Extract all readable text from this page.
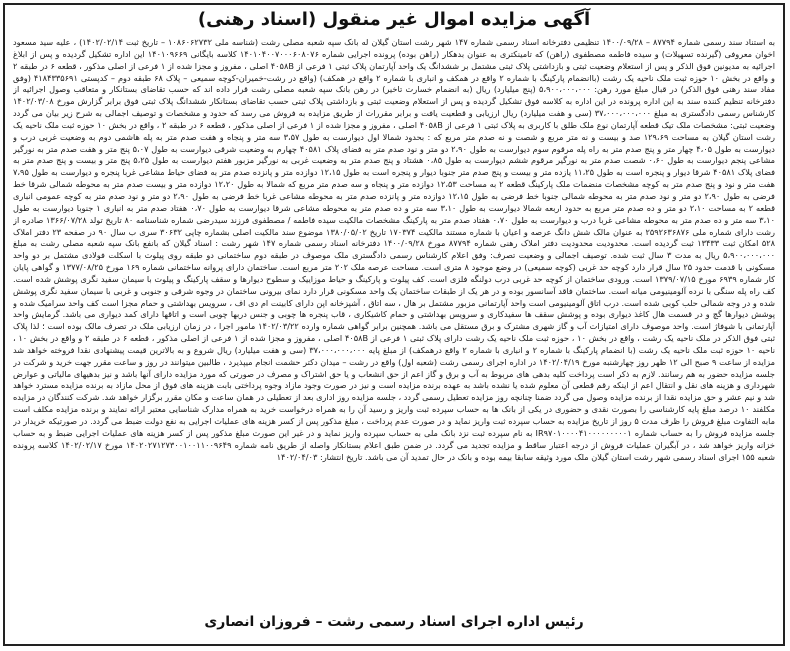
آگهی مزایده اموال غیر منقول (اسناد رهنی)

به استناد سند رسمی شماره ۸۷۷۹۴ – ۱۴۰۰/۰۹/۲۸ تنظیمی دفترخانه اسناد رسمی شماره ۱۴۷ شهر رشت استان گیلان له بانک سپه شعبه مصلی رشت (شناسه ملی ۱۰۸۶۰۶۲۷۳۲ – تاریخ ثبت ۱۴۰۲/۰۲/۱۴) ، علیه سید مسعود اخوان معروفی (گیرنده تسهیلات) و سیده فاطمه مصطفوی (راهن) که تامینکتری به عنوان بدهکار (راهن بوده) پرونده اجرایی شماره ۱۴۰۱۰۴۰۰۷۰۰۰۶۰۸۰۷۶ کلاسه بایگانی ۱۴۰۱۰۹۶۶۹ این اداره تشکیل گردیده و پس از ابلاغ اجرائیه به مدیونین فوق الذکر و پس از استعلام وضعیت ثبتی و بازداشتی پلاک ثبتی مشتمل بر ششدانگ یک واحد آپارتمان پلاک ثبتی ۱ فرعی از ۴۰۵۸B اصلی ، مفروز و مجزا شده از ۱ فرعی از اصلی مذکور ، قطعه ۶ در طبقه ۲ و واقع در بخش ۱۰ حوزه ثبت ملک ناحیه یک رشت (باانضمام پارکینگ با شماره ۲ واقع در همکف و انباری با شماره ۲ واقع در همکف) (واقع در رشت-خمیران-کوچه سمیعی – پلاک ۶۸ طبقه دوم – کدپستی ۴۱۸۴۳۳۵۶۹۱ (وفق مفاد سند رهنی فوق الذکر) در قبال مبلغ مورد رهن: ۵،۹۰۰،۰۰۰،۰۰۰ (پنج میلیارد) ریال (به انضمام خسارت تاخیر) در رهن بانک سپه شعبه مصلی رشت قرار داده اند که حسب تقاضای بستانکار و متعاقب وصول اجرائیه از دفترخانه تنظیم کننده سند به این اداره پرونده در این اداره به کلاسه فوق تشکیل گردیده و پس از استعلام وضعیت ثبتی و بازداشتی پلاک ثبتی حسب تقاضای بستانکار ششدانگ پلاک ثبتی فوق برابر گزارش مورخ ۱۴۰۲/۰۳/۰۸ کارشناس رسمی دادگستری به مبلغ ۳۷،۰۰۰،۰۰۰،۰۰۰ (سی و هفت میلیارد) ریال ارزیابی و قطعیت یافت و برابر مقررات از طریق مزایده به فروش می رسد که حدود و مشخصات و توصیف اجمالی به شرح زیر بیان می گردد وضعیت ثبتی: مشخصات ملک تیک قطعه آپارتمان نوع ملک طلق با کاربری به پلاک ثبتی ۱ فرعی از ۴۰۵۸B اصلی ، مفروز و مجزا شده از ۱ فرعی از اصلی مذکور ، قطعه ۶ در طبقه ۲ ، واقع در بخش ۱۰ حوزه ثبت ملک ناحیه یک رشت استان گیلان به مساحت ۱۲۹،۶۹ صد و بیست و نه متر مربع و شصت و نه صدم متر مربع که : بحدود شمالا اول دیوارست به طول ۳،۵۷ سه متر و پنجاه و هفت صدم متر به پله هاشمی دوم به وضعیت غربی درب و دیوارست به طول ۴،۰۵ چهار متر و پنج صدم متر به راه پله مرقوم سوم دیوارست به طول ۲،۹۰ دو متر و نود صدم متر به فضای پلاک ۴۰۵۸۱ چهارم به وضعیت شرقی دیوارست به طول ۵،۰۷ پنج متر و هفت صدم متر به نورگیر مشاعی پنجم دیوارست به طول ۰،۶۰ شصت صدم متر به نورگیر مرقوم ششم دیوارست به طول ۰،۸۵ هشتاد و پنج صدم متر به وضعیت غربی به نورگیر مزبور هفتم دیوارست به طول ۵،۲۵ پنج متر و بیست و پنج صدم متر به فضای پلاک ۴۰۵۸۱ شرقا دیوار و پنجره است به طول ۱۱،۲۵ یازده متر و بیست و پنج صدم متر جنوبا دیوار و پنجره است به طول ۱۲،۱۵ دوازده متر و پانزده صدم متر به فضای حیاط مشاعی غربا پنجره و دیوارست به طول ۷،۹۵ هفت متر و نود و پنج صدم متر به کوچه مشخصات منضمات ملک پارکینگ قطعه ۲ به مساحت ۱۲،۵۳ دوازده متر و پنجاه و سه صدم متر مربع که شمالا به طول ۱۲،۲۰ دوازده متر و بیست صدم متر به محوطه شمالی شرقا خط فرضی به طول ۲،۹۰ دو متر و نود صدم متر به محوطه شمالی جنوبا خط فرضی به طول ۱۲،۱۵ دوازده متر و پانزده صدم متر به محوطه مشاعی غربا خط فرضی به طول ۲،۹۰ دو متر و نود صدم متر به کوچه عمومی انباری قطعه ۲ به مساحت ۲،۱۰ دو متر و ده صدم متر مربع به حدود اربعه شمالا دیوارست به طول ۳،۱۰ سه متر و ده صدم متر به محوطه مشاعی شرقا دیوارست به طول ۰،۷۰ هفتاد صدم متر به انباری ۱ جنوبا دیوارست به طول ۳،۱۰ سه متر و ده صدم متر به محوطه مشاعی غربا درب و دیوارست به طول ۰،۷۰ هفتاد صدم متر به پارکینگ مشخصات مالکیت سیده فاطمه / مصطفوی فرزند سیدرضی شماره شناسنامه ۸۰ تاریخ تولد ۱۳۶۶/۰۷/۲۸ صادره از رشت دارای شماره ملی ۲۵۹۲۶۳۶۸۷۶ به عنوان مالک شش دانگ عرصه و اعیان با شماره مستند مالکیت ۱۷۰۳۷۴ تاریخ ۱۳۸۰/۰۵/۰۲ موضوع سند مالکیت اصلی بشماره چاپی ۳۰۶۳۲ سری ب سال ۹۰ در صفحه ۲۳ دفتر املاک ۵۲۸ امکان ثبت ۱۳۴۳۳ ثبت گردیده است. محدودیت محدودیت دفتر املاک رهنی شماره ۸۷۷۹۴ مورخ ۱۴۰۰/۰۹/۲۸ دفترخانه اسناد رسمی شماره ۱۴۷ شهر رشت : اسناد گیلان که بانفع بانک سپه شعبه مصلی رشت به مبلغ ۵،۹۰۰،۰۰۰،۰۰۰ ریال به مدت ۳ سال ثبت شده. توصیف اجمالی و وضعیت تصرف: وفق اعلام کارشناس رسمی دادگستری ملک موصوف در طبقه دوم ساختمانی دو طبقه روی پیلوت با اسکلت فولادی مشتمل بر دو واحد مسکونی با قدمت حدود ۲۵ سال قرار دارد کوچه حد غربی (کوچه سمیعی) در وضع موجود ۸ متری است. مساحت عرصه ملک ۲۰۲ متر مربع است. ساختمان دارای پروانه ساختمانی شماره ۱۶۹ مورخ ۱۳۷۷/۰۸/۲۵ و گواهی پایان کار شماره ۶۹۳۹ مورخ ۱۳۷۹/۰۷/۱۵ است. ورودی ساختمان از کوچه حد غربی درب دولنگه فلزی است. کف پیلوت و پارکینگ و حیاط موزاییک و سطوح دیوارها و سقف پارکینگ و پیلوت با سیمان سفید نگری پوشش شده است. کف راه پله سنگی با نرده آلومینیومی میانه است. ساختمان فاقد آسانسور بوده و در هر یک از طبقات ساختمان یک واحد مسکونی قرار دارد نمای بیرونی ساختمان در وجوه شرقی و جنوبی و غربی با سیمان سفید نگری پوشش شده و در وجه شمالی حلب کوبی شده است. درب اتاق آلومینیومی است واحد آپارتمانی مزبور مشتمل بر هال ، سه اتاق ، آشپزخانه اپن دارای کابینت ام دی اف ، سرویس بهداشتی و حمام مجزا است کف واحد سرامیک شده و پوشش دیوارها گچ و در قسمت هال کاغذ دیواری بوده و پوشش سقف ها سفیدکاری و سرویس بهداشتی و حمام کاشیکاری ، قاب پنجره ها چوبی و جنس دربها چوبی است و اتاقها دارای کمد دیواری می باشد. گرمایش واحد آپارتمانی با شوفاژ است. واحد موصوف دارای امتیازات آب و گاز شهری مشترک و برق مستقل می باشد. همچنین برابر گواهی شماره وارده ۱۴۰۲/۰۳/۲۲ مامور اجرا ، در زمان ارزیابی ملک در تصرف مالک بوده است ؛ لذا پلاک ثبتی فوق الذکر در ملک ناحیه یک رشت ، واقع در بخش ۱۰ ، حوزه ثبت ملک ناحیه یک رشت دارای پلاک ثبتی ۱ فرعی از ۴۰۵۸B اصلی ، مفروز و مجزا شده از ۱ فرعی از اصلی مذکور ، قطعه ۶ در طبقه ۲ و واقع در بخش ۱۰ ، ناحیه ۱۰ حوزه ثبت ملک ناحیه یک رشت (با انضمام پارکینگ با شماره ۲ و انباری با شماره ۲ واقع درهمکف) از مبلغ پایه ۳۷،۰۰۰،۰۰۰،۰۰۰ (سی و هفت میلیارد) ریال شروع و به بالاترین قیمت پیشنهادی نقدا فروخته خواهد شد مزایده از ساعت ۹ صبح الی ۱۲ ظهر روز چهارشنبه مورخ ۱۴۰۲/۰۴/۱۹ در اداره اجرای رسمی رشت (شعبه اول) واقع در رشت – میدان دکتر حشمت انجام میپذیرد ، طالبین میتوانند در روز و ساعت مقرر جهت خرید و شرکت در جلسه مزایده حضور به هم رسانند. لازم به ذکر است پرداخت کلیه بدهی های مربوط به آب و برق و گاز اعم از حق انشعاب و یا حق اشتراک و مصرف در صورتی که مورد مزایده دارای آنها باشد و نیز بدهیهای مالیاتی و عوارض شهرداری و هزینه های نقل و انتقال اعم از اینکه رقم قطعی آن معلوم شده یا نشده باشد به عهده برنده مزایده است و نیز در صورت وجود مازاد وجوه پرداختی بابت هزینه های فوق از محل مازاد به برنده مزایده مسترد خواهد شد و نیم عشر و حق مزایده نقدا از برنده مزایده وصول می گردد ضمنا چنانچه روز مزایده تعطیل رسمی گردد ، جلسه مزایده روز اداری بعد از تعطیلی در همان ساعت و مکان مقرر برگزار خواهد شد. شرکت کنندگان در مزایده مکلفند ۱۰ درصد مبلغ پایه کارشناسی را بصورت نقدی و حضوری در یکی از بانک ها به حساب سپرده ثبت واریز و رسید آن را به همراه درخواست خرید به همراه مدارک شناسایی معتبر ارائه نمایند و برنده مزایده مکلف است مابه التفاوت مبلغ فروش را ظرف مدت ۵ روز از تاریخ مزایده به حساب سپرده ثبت واریز نماید و در صورت عدم پرداخت ، مبلغ مذکور پس از کسر هزینه های عملیات اجرایی به نفع دولت ضبط می گردد. در صورتیکه خریدار در جلسه مزایده فروش را به حساب شماره IR۹۷۰۱۰۰۰۰۴۱۰۰۰۰۰۰۰۰۰۱ به نام سپرده ثبت نزد بانک ملی به حساب سپرده واریز نماید و در غیر این صورت مبلغ مذکور پس از کسر هزینه های عملیات اجرایی ضبط و به حساب خزانه واریز خواهد شد ، در آبگیران عملیات فروش از درجه اعتبار ساقط و مزایده تجدید می گردد. در ضمن طبق اعلام بستانکار واصله از طریق نامه شماره ۱۴۰۲۰۲۷۱۲۷۳۰۰۱۰۰۱۱۰۰۹۶۴۹ مورخ ۱۴۰۲/۰۲/۱۷ کلاسه پرونده شعبه ۱۵۵ اجرای اسناد رسمی شهر رشت استان گیلان ملک مورد وثیقه سابقا بیمه بوده و بانک در حال تمدید آن می باشد. تاریخ انتشار: ۱۴۰۲/۰۴/۰۳

رئیس اداره اجرای اسناد رسمی رشت – فروزان انصاری
